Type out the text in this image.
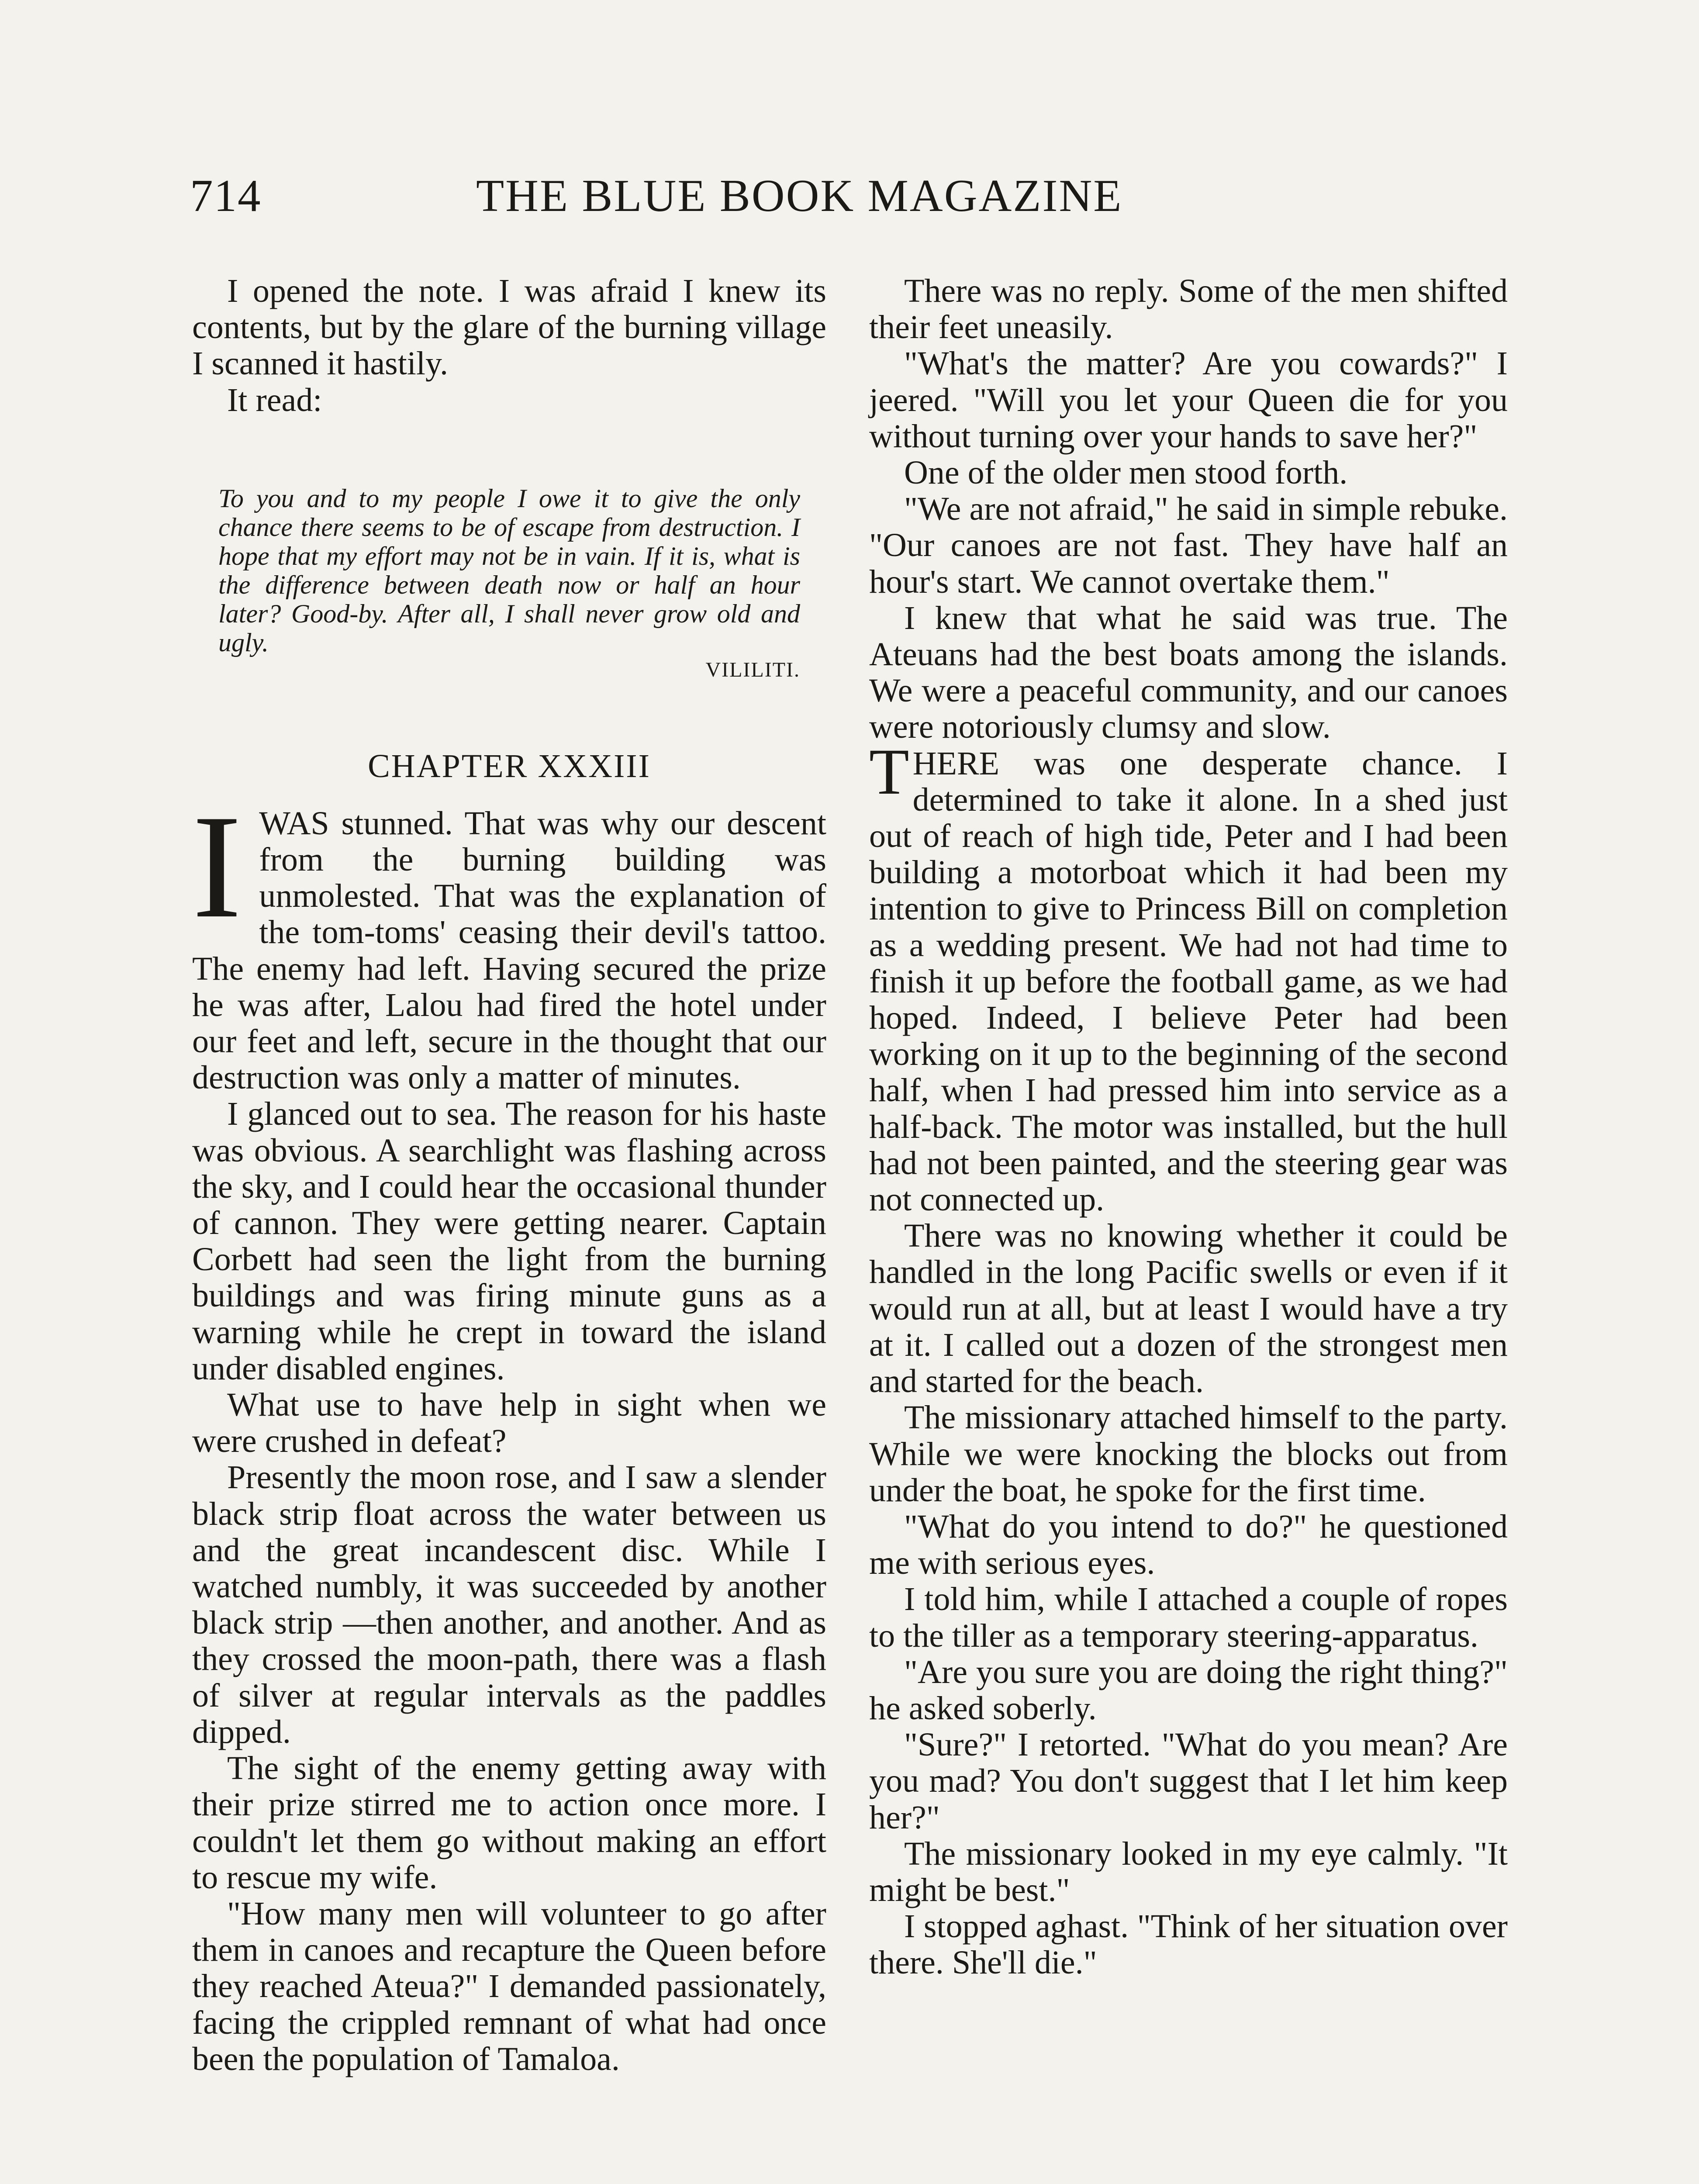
714	THE BLUE BOOK MAGAZINE

I opened the note. I was afraid I knew its contents, but by the glare of the burning village I scanned it hastily.

It read:

To you and to my people I owe it to give the only chance there seems to be of escape from destruction. I hope that my effort may not be in vain. If it is, what is the difference between death now or half an hour later? Good-by. After all, I shall never grow old and ugly.
VILILITI.
CHAPTER XXXIII

IWAS stunned. That was why our descent from the burning building was unmolested. That was the explanation of the tom-toms' ceasing their devil's tattoo. The enemy had left. Having secured the prize he was after, Lalou had fired the hotel under our feet and left, secure in the thought that our destruction was only a matter of minutes.

I glanced out to sea. The reason for his haste was obvious. A searchlight was flashing across the sky, and I could hear the occasional thunder of cannon. They were getting nearer. Captain Corbett had seen the light from the burning buildings and was firing minute guns as a warning while he crept in toward the island under disabled engines.

What use to have help in sight when we were crushed in defeat?

Presently the moon rose, and I saw a slender black strip float across the water between us and the great incandescent disc. While I watched numbly, it was succeeded by another black strip —then another, and another. And as they crossed the moon-path, there was a flash of silver at regular intervals as the paddles dipped.

The sight of the enemy getting away with their prize stirred me to action once more. I couldn't let them go without making an effort to rescue my wife.

"How many men will volunteer to go after them in canoes and recapture the Queen before they reached Ateua?" I demanded passionately, facing the crippled remnant of what had once been the population of Tamaloa.

There was no reply. Some of the men shifted their feet uneasily.

"What's the matter? Are you cowards?" I jeered. "Will you let your Queen die for you without turning over your hands to save her?"

One of the older men stood forth.

"We are not afraid," he said in simple rebuke. "Our canoes are not fast. They have half an hour's start. We cannot overtake them."

I knew that what he said was true. The Ateuans had the best boats among the islands. We were a peaceful community, and our canoes were notoriously clumsy and slow.

THERE was one desperate chance. I determined to take it alone. In a shed just out of reach of high tide, Peter and I had been building a motorboat which it had been my intention to give to Princess Bill on completion as a wedding present. We had not had time to finish it up before the football game, as we had hoped. Indeed, I believe Peter had been working on it up to the beginning of the second half, when I had pressed him into service as a half-back. The motor was installed, but the hull had not been painted, and the steering gear was not connected up.

There was no knowing whether it could be handled in the long Pacific swells or even if it would run at all, but at least I would have a try at it. I called out a dozen of the strongest men and started for the beach.

The missionary attached himself to the party. While we were knocking the blocks out from under the boat, he spoke for the first time.

"What do you intend to do?" he questioned me with serious eyes.

I told him, while I attached a couple of ropes to the tiller as a temporary steering-apparatus.

"Are you sure you are doing the right thing?" he asked soberly.

"Sure?" I retorted. "What do you mean? Are you mad? You don't suggest that I let him keep her?"

The missionary looked in my eye calmly. "It might be best."

I stopped aghast. "Think of her situation over there. She'll die."
